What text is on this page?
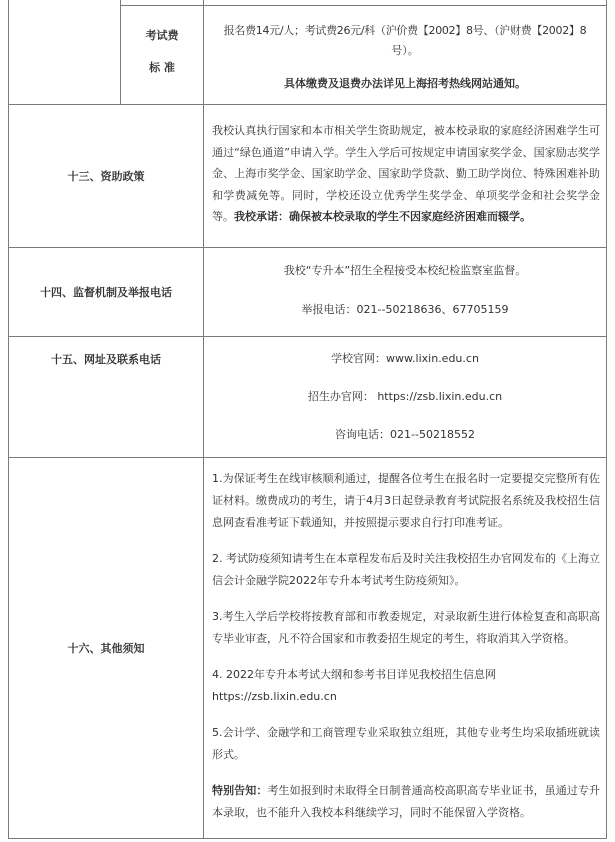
考试费

标 准

报名费14元/人；考试费26元/科（沪价费【2002】8号、（沪财费【2002】8

号）。

具体缴费及退费办法详见上海招考热线网站通知。

十三、资助政策

我校认真执行国家和本市相关学生资助规定，被本校录取的家庭经济困难学生可通过“绿色通道”申请入学。学生入学后可按规定申请国家奖学金、国家励志奖学金、上海市奖学金、国家助学金、国家助学贷款、勤工助学岗位、特殊困难补助和学费减免等。同时，学校还设立优秀学生奖学金、单项奖学金和社会奖学金等。我校承诺：确保被本校录取的学生不因家庭经济困难而辍学。

十四、监督机制及举报电话

我校“专升本”招生全程接受本校纪检监察室监督。

举报电话：021--50218636、67705159

十五、网址及联系电话	学校官网：www.lixin.edu.cn

招生办官网： https://zsb.lixin.edu.cn

咨询电话：021--50218552

十六、其他须知

1.为保证考生在线审核顺利通过，提醒各位考生在报名时一定要提交完整所有佐证材料。缴费成功的考生，请于4月3日起登录教育考试院报名系统及我校招生信息网查看准考证下载通知，并按照提示要求自行打印准考证。

2. 考试防疫须知请考生在本章程发布后及时关注我校招生办官网发布的《上海立信会计金融学院2022年专升本考试考生防疫须知》。

3.考生入学后学校将按教育部和市教委规定，对录取新生进行体检复查和高职高专毕业审查，凡不符合国家和市教委招生规定的考生，将取消其入学资格。

4. 2022年专升本考试大纲和参考书目详见我校招生信息网

https://zsb.lixin.edu.cn

5.会计学、金融学和工商管理专业采取独立组班，其他专业考生均采取插班就读形式。

特别告知：考生如报到时未取得全日制普通高校高职高专毕业证书，虽通过专升本录取，也不能升入我校本科继续学习，同时不能保留入学资格。
